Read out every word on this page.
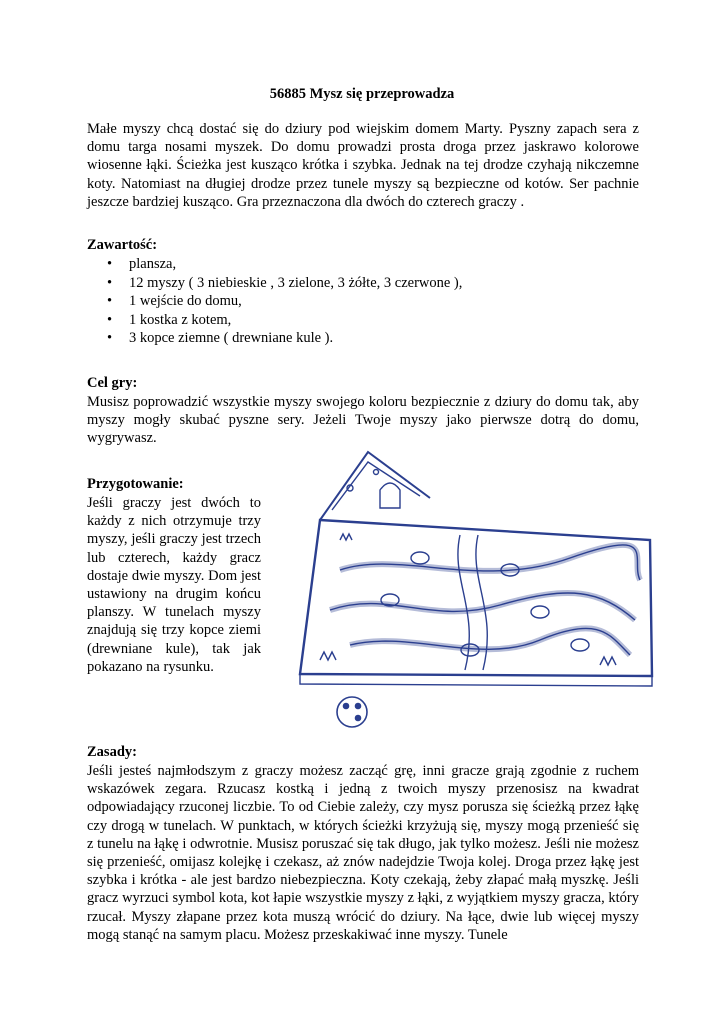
56885 Mysz się przeprowadza

Małe myszy chcą dostać się do dziury pod wiejskim domem Marty. Pyszny zapach sera z domu targa nosami myszek. Do domu prowadzi prosta droga przez jaskrawo kolorowe wiosenne łąki. Ścieżka jest kusząco krótka i szybka. Jednak na tej drodze czyhają nikczemne koty. Natomiast na długiej drodze przez tunele myszy są bezpieczne od kotów. Ser pachnie jeszcze bardziej kusząco. Gra przeznaczona dla dwóch do czterech graczy .

Zawartość:

• plansza,
• 12 myszy ( 3 niebieskie , 3 zielone, 3 żółte, 3 czerwone ),
• 1 wejście do domu,
• 1 kostka z kotem,
• 3 kopce ziemne ( drewniane kule ).

Cel gry:

Musisz poprowadzić wszystkie myszy swojego koloru bezpiecznie z dziury do domu tak, aby myszy mogły skubać pyszne sery. Jeżeli Twoje myszy jako pierwsze dotrą do domu, wygrywasz.

Przygotowanie:

Jeśli graczy jest dwóch to każdy z nich otrzymuje trzy myszy, jeśli graczy jest trzech lub czterech, każdy gracz dostaje dwie myszy. Dom jest ustawiony na drugim końcu planszy. W tunelach myszy znajdują się trzy kopce ziemi (drewniane kule), tak jak pokazano na rysunku.

Zasady:

Jeśli jesteś najmłodszym z graczy możesz zacząć grę, inni gracze grają zgodnie z ruchem wskazówek zegara. Rzucasz kostką i jedną z twoich myszy przenosisz na kwadrat odpowiadający rzuconej liczbie. To od Ciebie zależy, czy mysz porusza się ścieżką przez łąkę czy drogą w tunelach. W punktach, w których ścieżki krzyżują się, myszy mogą przenieść się z tunelu na łąkę i odwrotnie. Musisz poruszać się tak długo, jak tylko możesz. Jeśli nie możesz się przenieść, omijasz kolejkę i czekasz, aż znów nadejdzie Twoja kolej. Droga przez łąkę jest szybka i krótka - ale jest bardzo niebezpieczna. Koty czekają, żeby złapać małą myszkę. Jeśli gracz wyrzuci symbol kota, kot łapie wszystkie myszy z łąki, z wyjątkiem myszy gracza, który rzucał. Myszy złapane przez kota muszą wrócić do dziury. Na łące, dwie lub więcej myszy mogą stanąć na samym placu. Możesz przeskakiwać inne myszy. Tunele
